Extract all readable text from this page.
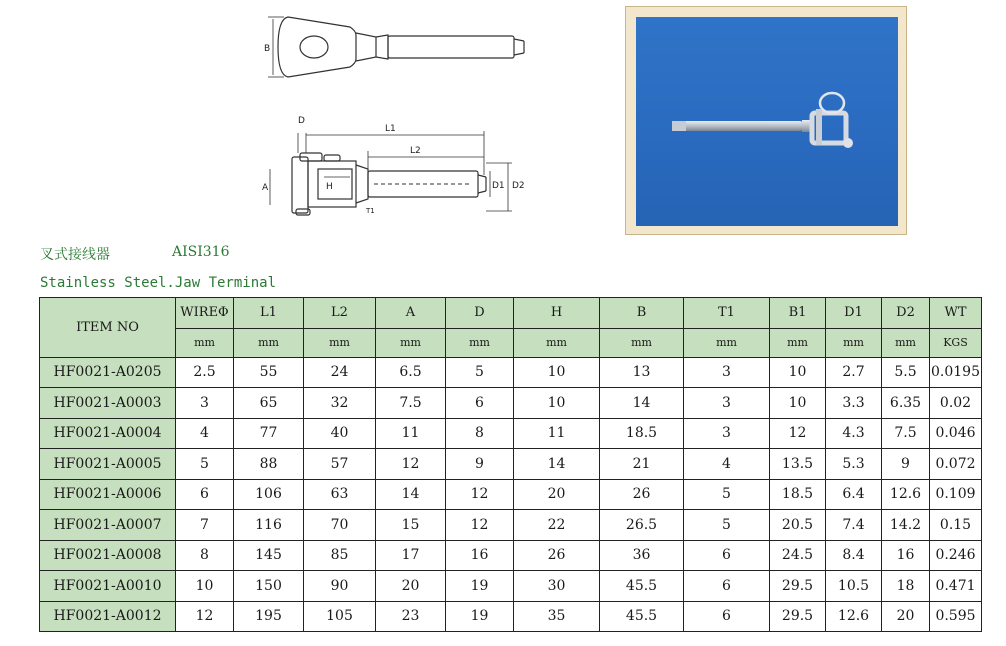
B
D
L1
L2
A	H	D1 D2
T1
叉式接线器	AISI316
Stainless Steel.Jaw Terminal
ITEM NO	WIREΦ	L1	L2	A	D	H	B	T1	B1	D1	D2	WT
	mm	mm	mm	mm	mm	mm	mm	mm	mm	mm	mm	KGS
HF0021-A0205	2.5	55	24	6.5	5	10	13	3	10	2.7	5.5	0.0195
HF0021-A0003	3	65	32	7.5	6	10	14	3	10	3.3	6.35	0.02
HF0021-A0004	4	77	40	11	8	11	18.5	3	12	4.3	7.5	0.046
HF0021-A0005	5	88	57	12	9	14	21	4	13.5	5.3	9	0.072
HF0021-A0006	6	106	63	14	12	20	26	5	18.5	6.4	12.6	0.109
HF0021-A0007	7	116	70	15	12	22	26.5	5	20.5	7.4	14.2	0.15
HF0021-A0008	8	145	85	17	16	26	36	6	24.5	8.4	16	0.246
HF0021-A0010	10	150	90	20	19	30	45.5	6	29.5	10.5	18	0.471
HF0021-A0012	12	195	105	23	19	35	45.5	6	29.5	12.6	20	0.595
